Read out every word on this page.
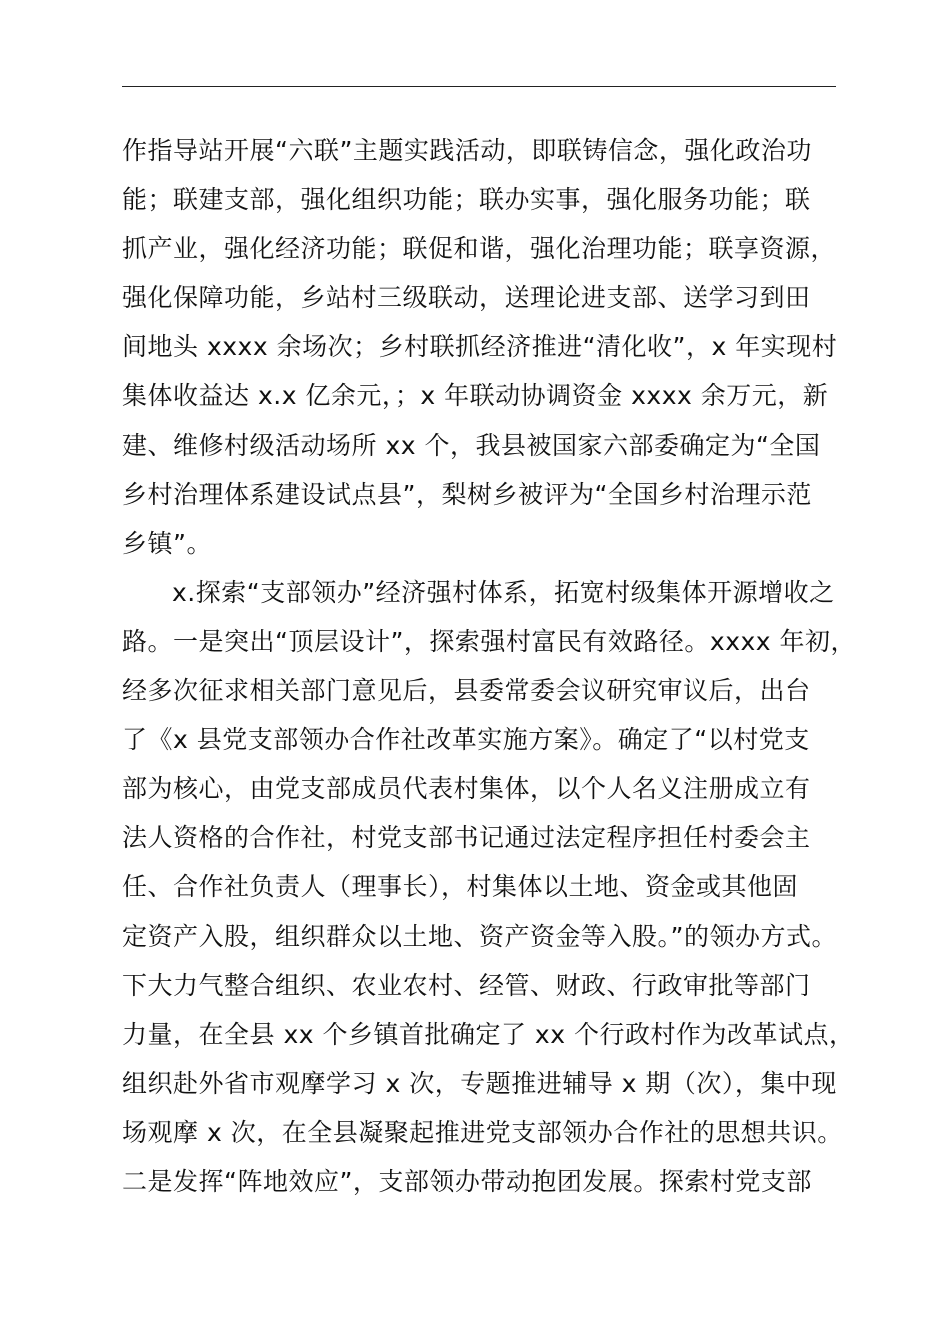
作指导站开展“六联”主题实践活动，即联铸信念，强化政治功
能；联建支部，强化组织功能；联办实事，强化服务功能；联
抓产业，强化经济功能；联促和谐，强化治理功能；联享资源，
强化保障功能，乡站村三级联动，送理论进支部、送学习到田
间地头 xxxx 余场次；乡村联抓经济推进“清化收”，x 年实现村
集体收益达 x.x 亿余元，；x 年联动协调资金 xxxx 余万元，新
建、维修村级活动场所 xx 个，我县被国家六部委确定为“全国
乡村治理体系建设试点县”，梨树乡被评为“全国乡村治理示范
乡镇”。
x.探索“支部领办”经济强村体系，拓宽村级集体开源增收之
路。一是突出“顶层设计”，探索强村富民有效路径。xxxx 年初，
经多次征求相关部门意见后，县委常委会议研究审议后，出台
了《x 县党支部领办合作社改革实施方案》。确定了“以村党支
部为核心，由党支部成员代表村集体，以个人名义注册成立有
法人资格的合作社，村党支部书记通过法定程序担任村委会主
任、合作社负责人（理事长），村集体以土地、资金或其他固
定资产入股，组织群众以土地、资产资金等入股。”的领办方式。
下大力气整合组织、农业农村、经管、财政、行政审批等部门
力量，在全县 xx 个乡镇首批确定了 xx 个行政村作为改革试点，
组织赴外省市观摩学习 x 次，专题推进辅导 x 期（次），集中现
场观摩 x 次，在全县凝聚起推进党支部领办合作社的思想共识。
二是发挥“阵地效应”，支部领办带动抱团发展。探索村党支部
